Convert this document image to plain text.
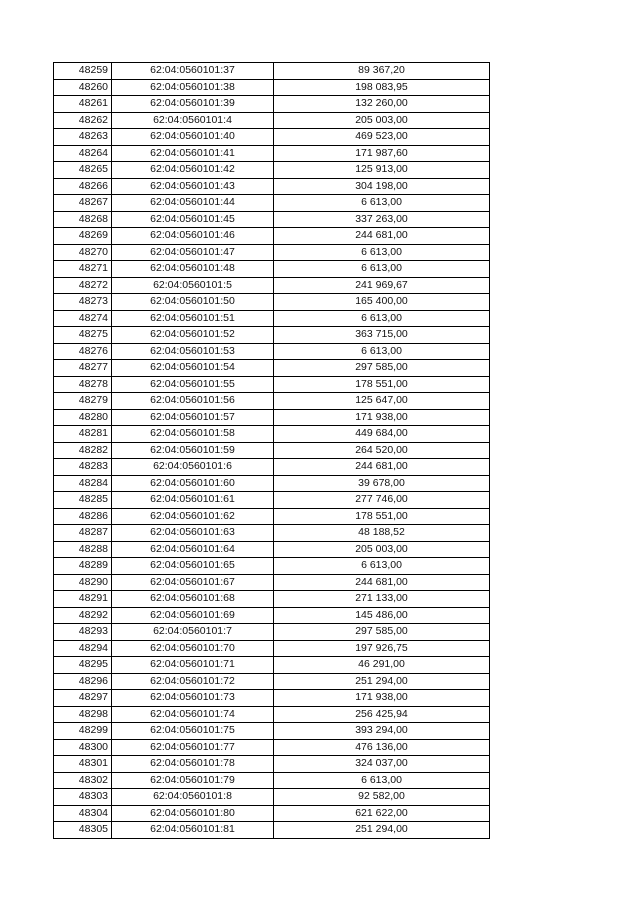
48259	62:04:0560101:37	89 367,20
48260	62:04:0560101:38	198 083,95
48261	62:04:0560101:39	132 260,00
48262	62:04:0560101:4	205 003,00
48263	62:04:0560101:40	469 523,00
48264	62:04:0560101:41	171 987,60
48265	62:04:0560101:42	125 913,00
48266	62:04:0560101:43	304 198,00
48267	62:04:0560101:44	6 613,00
48268	62:04:0560101:45	337 263,00
48269	62:04:0560101:46	244 681,00
48270	62:04:0560101:47	6 613,00
48271	62:04:0560101:48	6 613,00
48272	62:04:0560101:5	241 969,67
48273	62:04:0560101:50	165 400,00
48274	62:04:0560101:51	6 613,00
48275	62:04:0560101:52	363 715,00
48276	62:04:0560101:53	6 613,00
48277	62:04:0560101:54	297 585,00
48278	62:04:0560101:55	178 551,00
48279	62:04:0560101:56	125 647,00
48280	62:04:0560101:57	171 938,00
48281	62:04:0560101:58	449 684,00
48282	62:04:0560101:59	264 520,00
48283	62:04:0560101:6	244 681,00
48284	62:04:0560101:60	39 678,00
48285	62:04:0560101:61	277 746,00
48286	62:04:0560101:62	178 551,00
48287	62:04:0560101:63	48 188,52
48288	62:04:0560101:64	205 003,00
48289	62:04:0560101:65	6 613,00
48290	62:04:0560101:67	244 681,00
48291	62:04:0560101:68	271 133,00
48292	62:04:0560101:69	145 486,00
48293	62:04:0560101:7	297 585,00
48294	62:04:0560101:70	197 926,75
48295	62:04:0560101:71	46 291,00
48296	62:04:0560101:72	251 294,00
48297	62:04:0560101:73	171 938,00
48298	62:04:0560101:74	256 425,94
48299	62:04:0560101:75	393 294,00
48300	62:04:0560101:77	476 136,00
48301	62:04:0560101:78	324 037,00
48302	62:04:0560101:79	6 613,00
48303	62:04:0560101:8	92 582,00
48304	62:04:0560101:80	621 622,00
48305	62:04:0560101:81	251 294,00
